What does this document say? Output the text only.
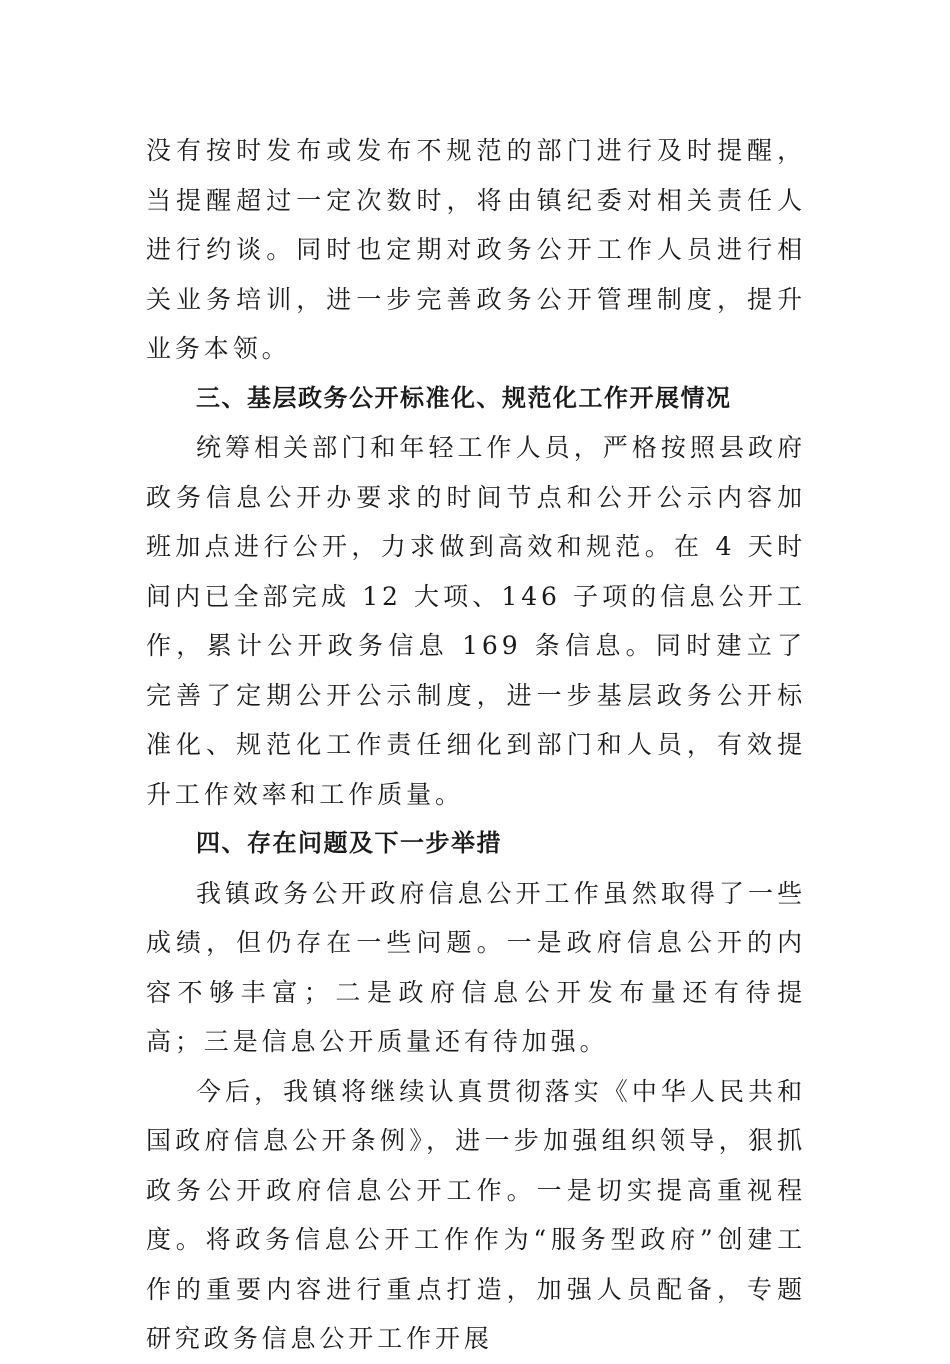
没有按时发布或发布不规范的部门进行及时提醒，当提醒超过一定次数时，将由镇纪委对相关责任人进行约谈。同时也定期对政务公开工作人员进行相关业务培训，进一步完善政务公开管理制度，提升业务本领。

三、基层政务公开标准化、规范化工作开展情况

统筹相关部门和年轻工作人员，严格按照县政府政务信息公开办要求的时间节点和公开公示内容加班加点进行公开，力求做到高效和规范。在 4 天时间内已全部完成 12 大项、146 子项的信息公开工作，累计公开政务信息 169 条信息。同时建立了完善了定期公开公示制度，进一步基层政务公开标准化、规范化工作责任细化到部门和人员，有效提升工作效率和工作质量。

四、存在问题及下一步举措

我镇政务公开政府信息公开工作虽然取得了一些成绩，但仍存在一些问题。一是政府信息公开的内容不够丰富；二是政府信息公开发布量还有待提高；三是信息公开质量还有待加强。

今后，我镇将继续认真贯彻落实《中华人民共和国政府信息公开条例》，进一步加强组织领导，狠抓政务公开政府信息公开工作。一是切实提高重视程度。将政务信息公开工作作为“服务型政府”创建工作的重要内容进行重点打造，加强人员配备，专题研究政务信息公开工作开展
